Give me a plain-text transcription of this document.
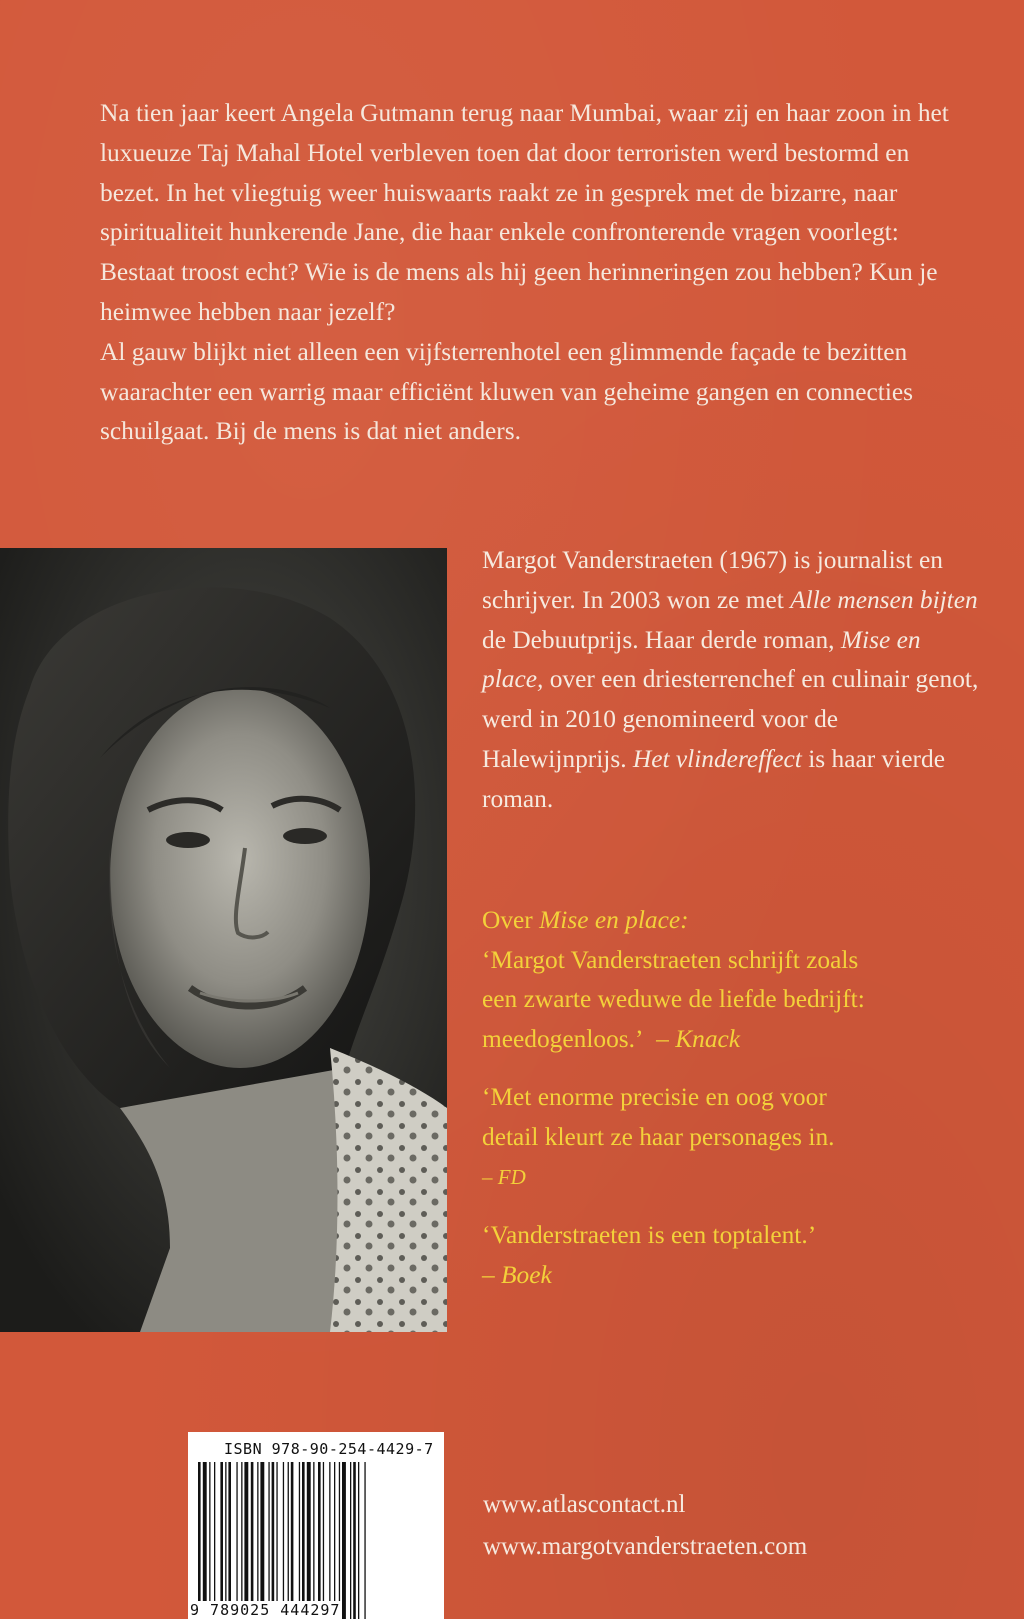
Na tien jaar keert Angela Gutmann terug naar Mumbai, waar zij en haar zoon in het luxueuze Taj Mahal Hotel verbleven toen dat door terroristen werd bestormd en bezet. In het vliegtuig weer huiswaarts raakt ze in gesprek met de bizarre, naar spiritualiteit hunkerende Jane, die haar enkele confronterende vragen voorlegt: Bestaat troost echt? Wie is de mens als hij geen herinneringen zou hebben? Kun je heimwee hebben naar jezelf?

Al gauw blijkt niet alleen een vijfsterrenhotel een glimmende façade te bezitten waarachter een warrig maar efficiënt kluwen van geheime gangen en connecties schuilgaat. Bij de mens is dat niet anders.

Margot Vanderstraeten (1967) is journalist en schrijver. In 2003 won ze met Alle mensen bijten de Debuutprijs. Haar derde roman, Mise en place, over een driesterrenchef en culinair genot, werd in 2010 genomineerd voor de Halewijnprijs. Het vlindereffect is haar vierde roman.

Over Mise en place:
‘Margot Vanderstraeten schrijft zoals
een zwarte weduwe de liefde bedrijft:
meedogenloos.’ – Knack
‘Met enorme precisie en oog voor
detail kleurt ze haar personages in.
– FD
‘Vanderstraeten is een toptalent.’
– Boek
ISBN 978-90-254-4429-7
9 789025 444297
www.atlascontact.nl
www.margotvanderstraeten.com
